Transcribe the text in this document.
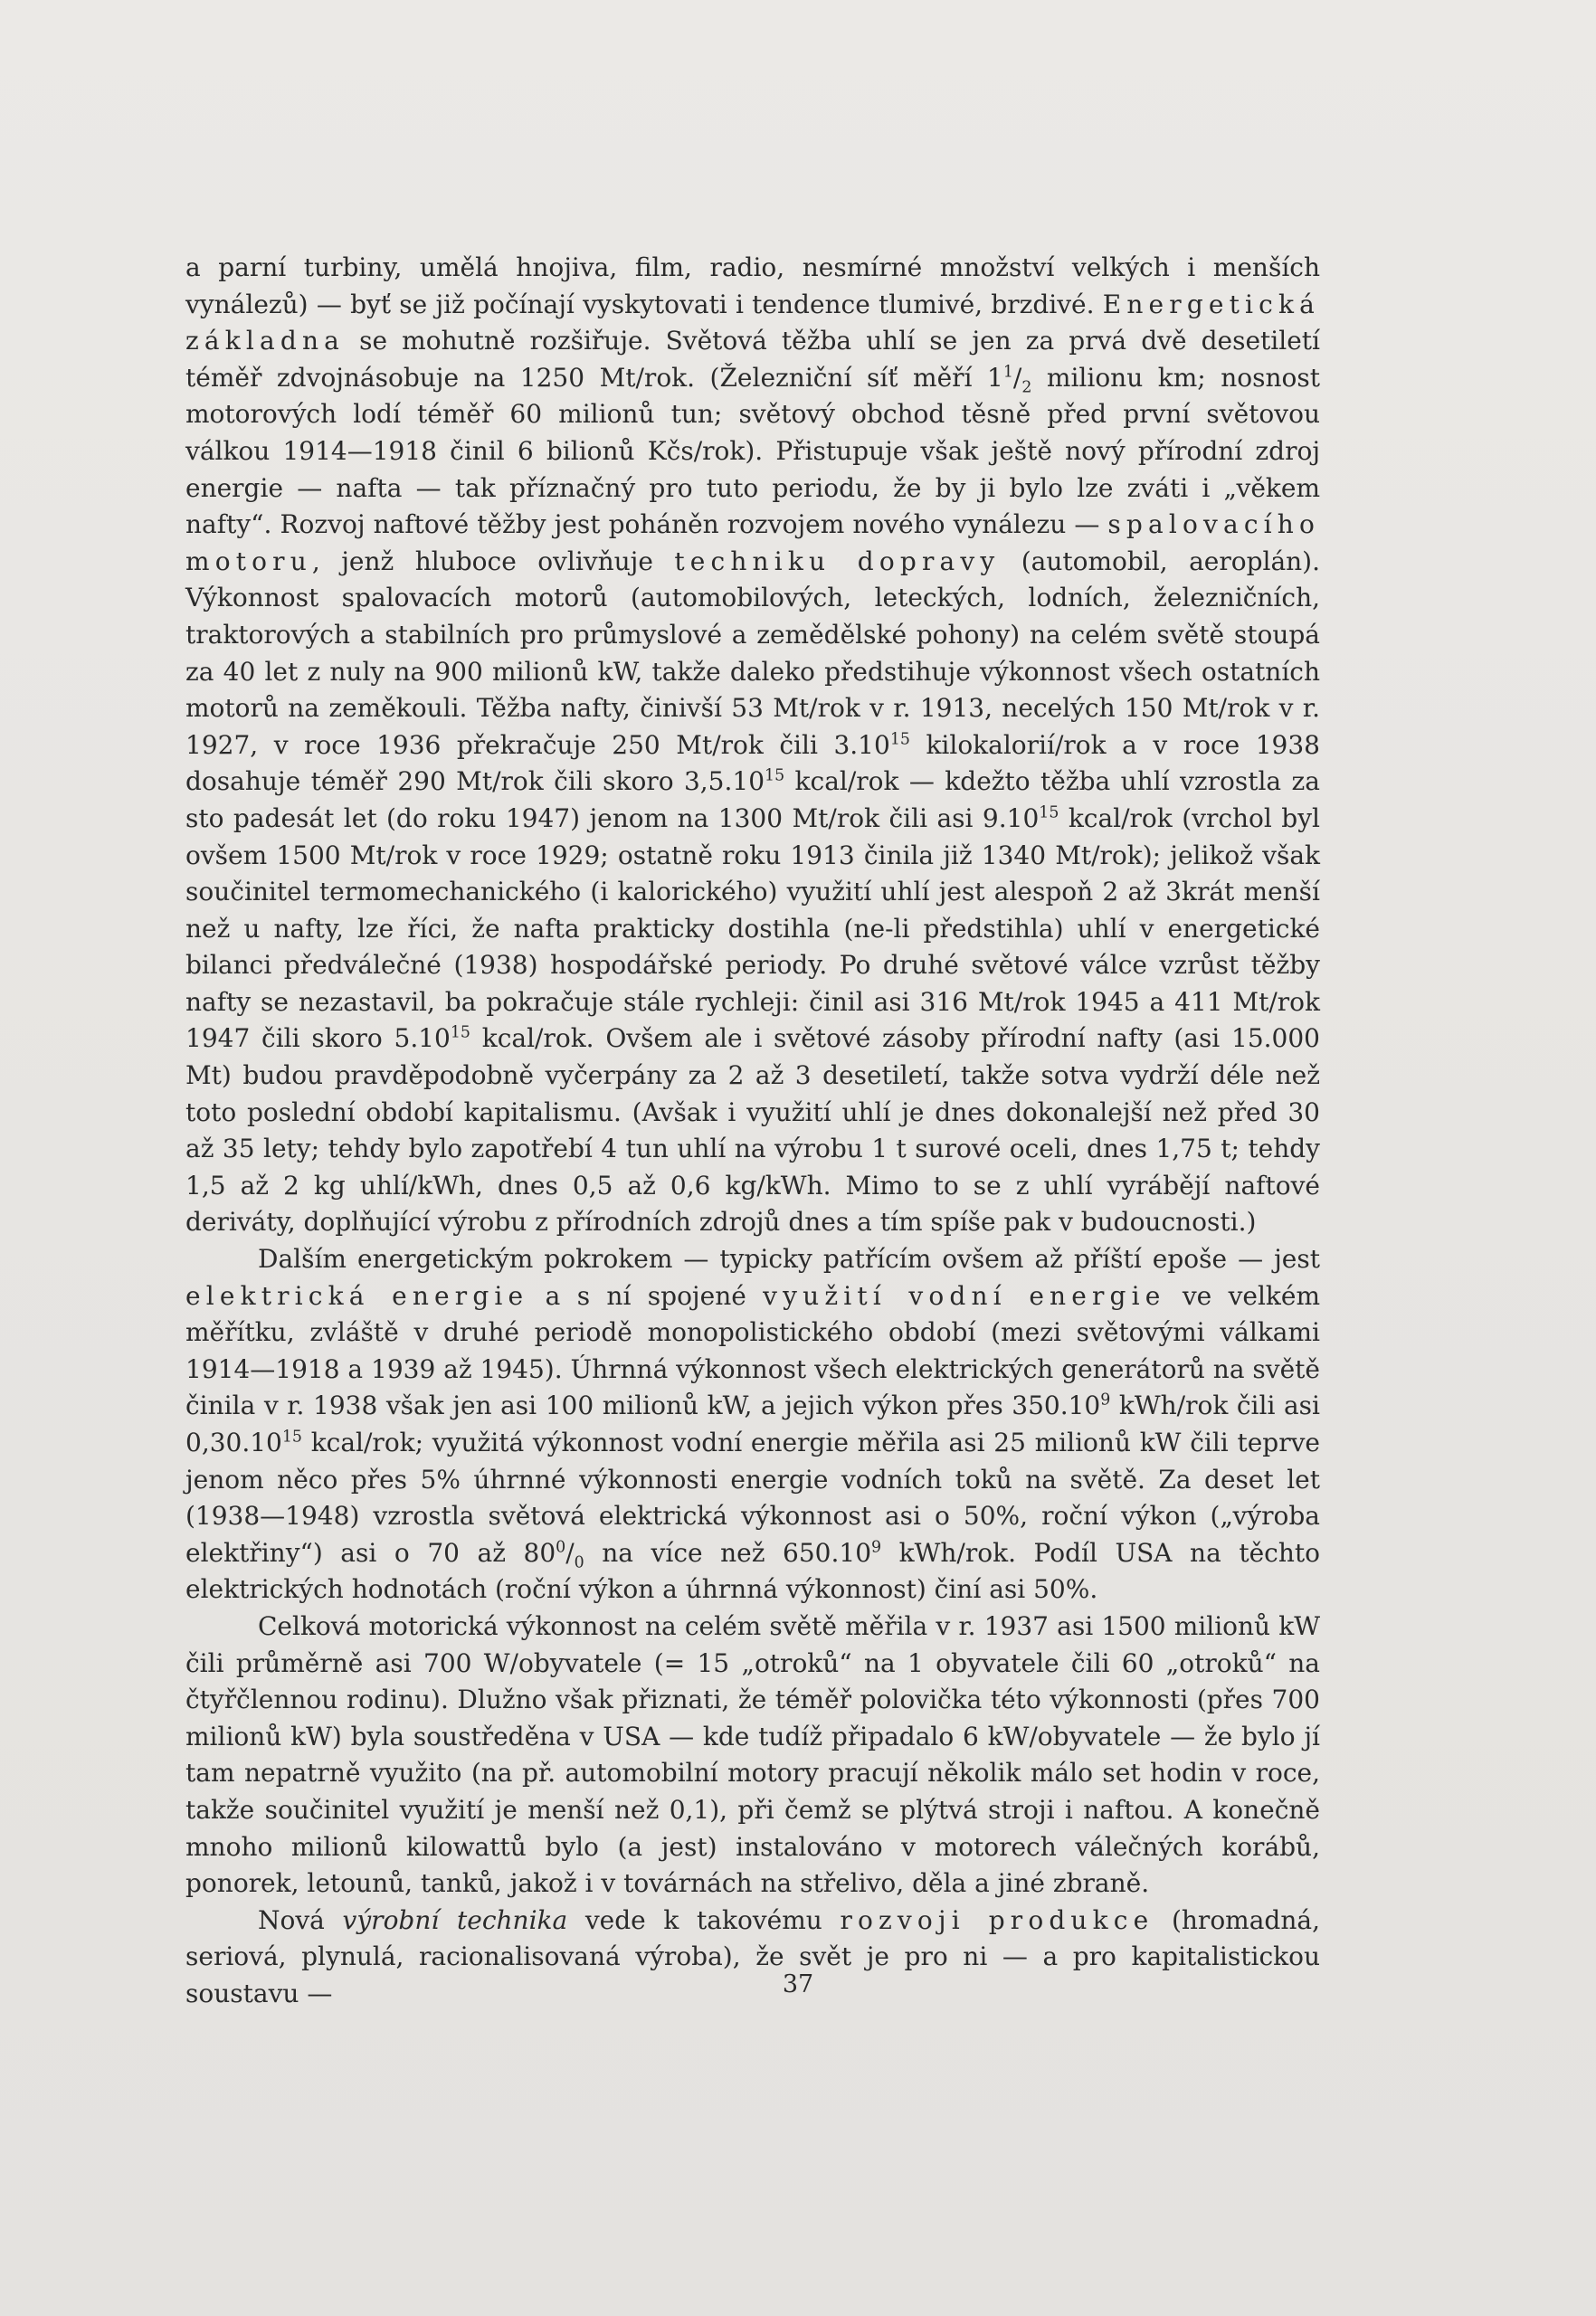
a parní turbiny, umělá hnojiva, film, radio, nesmírné množství velkých i menších vynálezů) — byť se již počínají vyskytovati i tendence tlumivé, brzdivé. Energetická základna se mohutně rozšiřuje. Světová těžba uhlí se jen za prvá dvě desetiletí téměř zdvojnásobuje na 1250 Mt/rok. (Železniční síť měří $1^1/_2$ milionu km; nosnost motorových lodí téměř 60 milionů tun; světový obchod těsně před první světovou válkou 1914—1918 činil 6 bilionů Kčs/rok). Přistupuje však ještě nový přírodní zdroj energie — nafta — tak příznačný pro tuto periodu, že by ji bylo lze zváti i „věkem nafty“. Rozvoj naftové těžby jest poháněn rozvojem nového vynálezu — spalovacího motoru, jenž hluboce ovlivňuje techniku dopravy (automobil, aeroplán). Výkonnost spalovacích motorů (automobilových, leteckých, lodních, železničních, traktorových a stabilních pro průmyslové a zemědělské pohony) na celém světě stoupá za 40 let z nuly na 900 milionů kW, takže daleko předstihuje výkonnost všech ostatních motorů na zeměkouli. Těžba nafty, činivší 53 Mt/rok v r. 1913, necelých 150 Mt/rok v r. 1927, v roce 1936 překračuje 250 Mt/rok čili 3.10$^{15}$ kilokalorií/rok a v roce 1938 dosahuje téměř 290 Mt/rok čili skoro 3,5.10$^{15}$ kcal/rok — kdežto těžba uhlí vzrostla za sto padesát let (do roku 1947) jenom na 1300 Mt/rok čili asi 9.10$^{15}$ kcal/rok (vrchol byl ovšem 1500 Mt/rok v roce 1929; ostatně roku 1913 činila již 1340 Mt/rok); jelikož však součinitel termomechanického (i kalorického) využití uhlí jest alespoň 2 až 3krát menší než u nafty, lze říci, že nafta prakticky dostihla (ne-li předstihla) uhlí v energetické bilanci předválečné (1938) hospodářské periody. Po druhé světové válce vzrůst těžby nafty se nezastavil, ba pokračuje stále rychleji: činil asi 316 Mt/rok 1945 a 411 Mt/rok 1947 čili skoro 5.10$^{15}$ kcal/rok. Ovšem ale i světové zásoby přírodní nafty (asi 15.000 Mt) budou pravděpodobně vyčerpány za 2 až 3 desetiletí, takže sotva vydrží déle než toto poslední období kapitalismu. (Avšak i využití uhlí je dnes dokonalejší než před 30 až 35 lety; tehdy bylo zapotřebí 4 tun uhlí na výrobu 1 t surové oceli, dnes 1,75 t; tehdy 1,5 až 2 kg uhlí/kWh, dnes 0,5 až 0,6 kg/kWh. Mimo to se z uhlí vyrábějí naftové deriváty, doplňující výrobu z přírodních zdrojů dnes a tím spíše pak v budoucnosti.)

Dalším energetickým pokrokem — typicky patřícím ovšem až příští epoše — jest elektrická energie a s ní spojené využití vodní energie ve velkém měřítku, zvláště v druhé periodě monopolistického období (mezi světovými válkami 1914—1918 a 1939 až 1945). Úhrnná výkonnost všech elektrických generátorů na světě činila v r. 1938 však jen asi 100 milionů kW, a jejich výkon přes 350.10$^9$ kWh/rok čili asi 0,30.10$^{15}$ kcal/rok; využitá výkonnost vodní energie měřila asi 25 milionů kW čili teprve jenom něco přes 5% úhrnné výkonnosti energie vodních toků na světě. Za deset let (1938—1948) vzrostla světová elektrická výkonnost asi o 50%, roční výkon („výroba elektřiny“) asi o 70 až $80^0/_0$ na více než 650.10$^9$ kWh/rok. Podíl USA na těchto elektrických hodnotách (roční výkon a úhrnná výkonnost) činí asi 50%.

Celková motorická výkonnost na celém světě měřila v r. 1937 asi 1500 milionů kW čili průměrně asi 700 W/obyvatele (= 15 „otroků“ na 1 obyvatele čili 60 „otroků“ na čtyřčlennou rodinu). Dlužno však přiznati, že téměř polovička této výkonnosti (přes 700 milionů kW) byla soustředěna v USA — kde tudíž připadalo 6 kW/obyvatele — že bylo jí tam nepatrně využito (na př. automobilní motory pracují několik málo set hodin v roce, takže součinitel využití je menší než 0,1), při čemž se plýtvá stroji i naftou. A konečně mnoho milionů kilowattů bylo (a jest) instalováno v motorech válečných korábů, ponorek, letounů, tanků, jakož i v továrnách na střelivo, děla a jiné zbraně.

Nová výrobní technika vede k takovému rozvoji produkce (hromadná, seriová, plynulá, racionalisovaná výroba), že svět je pro ni — a pro kapitalistickou soustavu —	37
